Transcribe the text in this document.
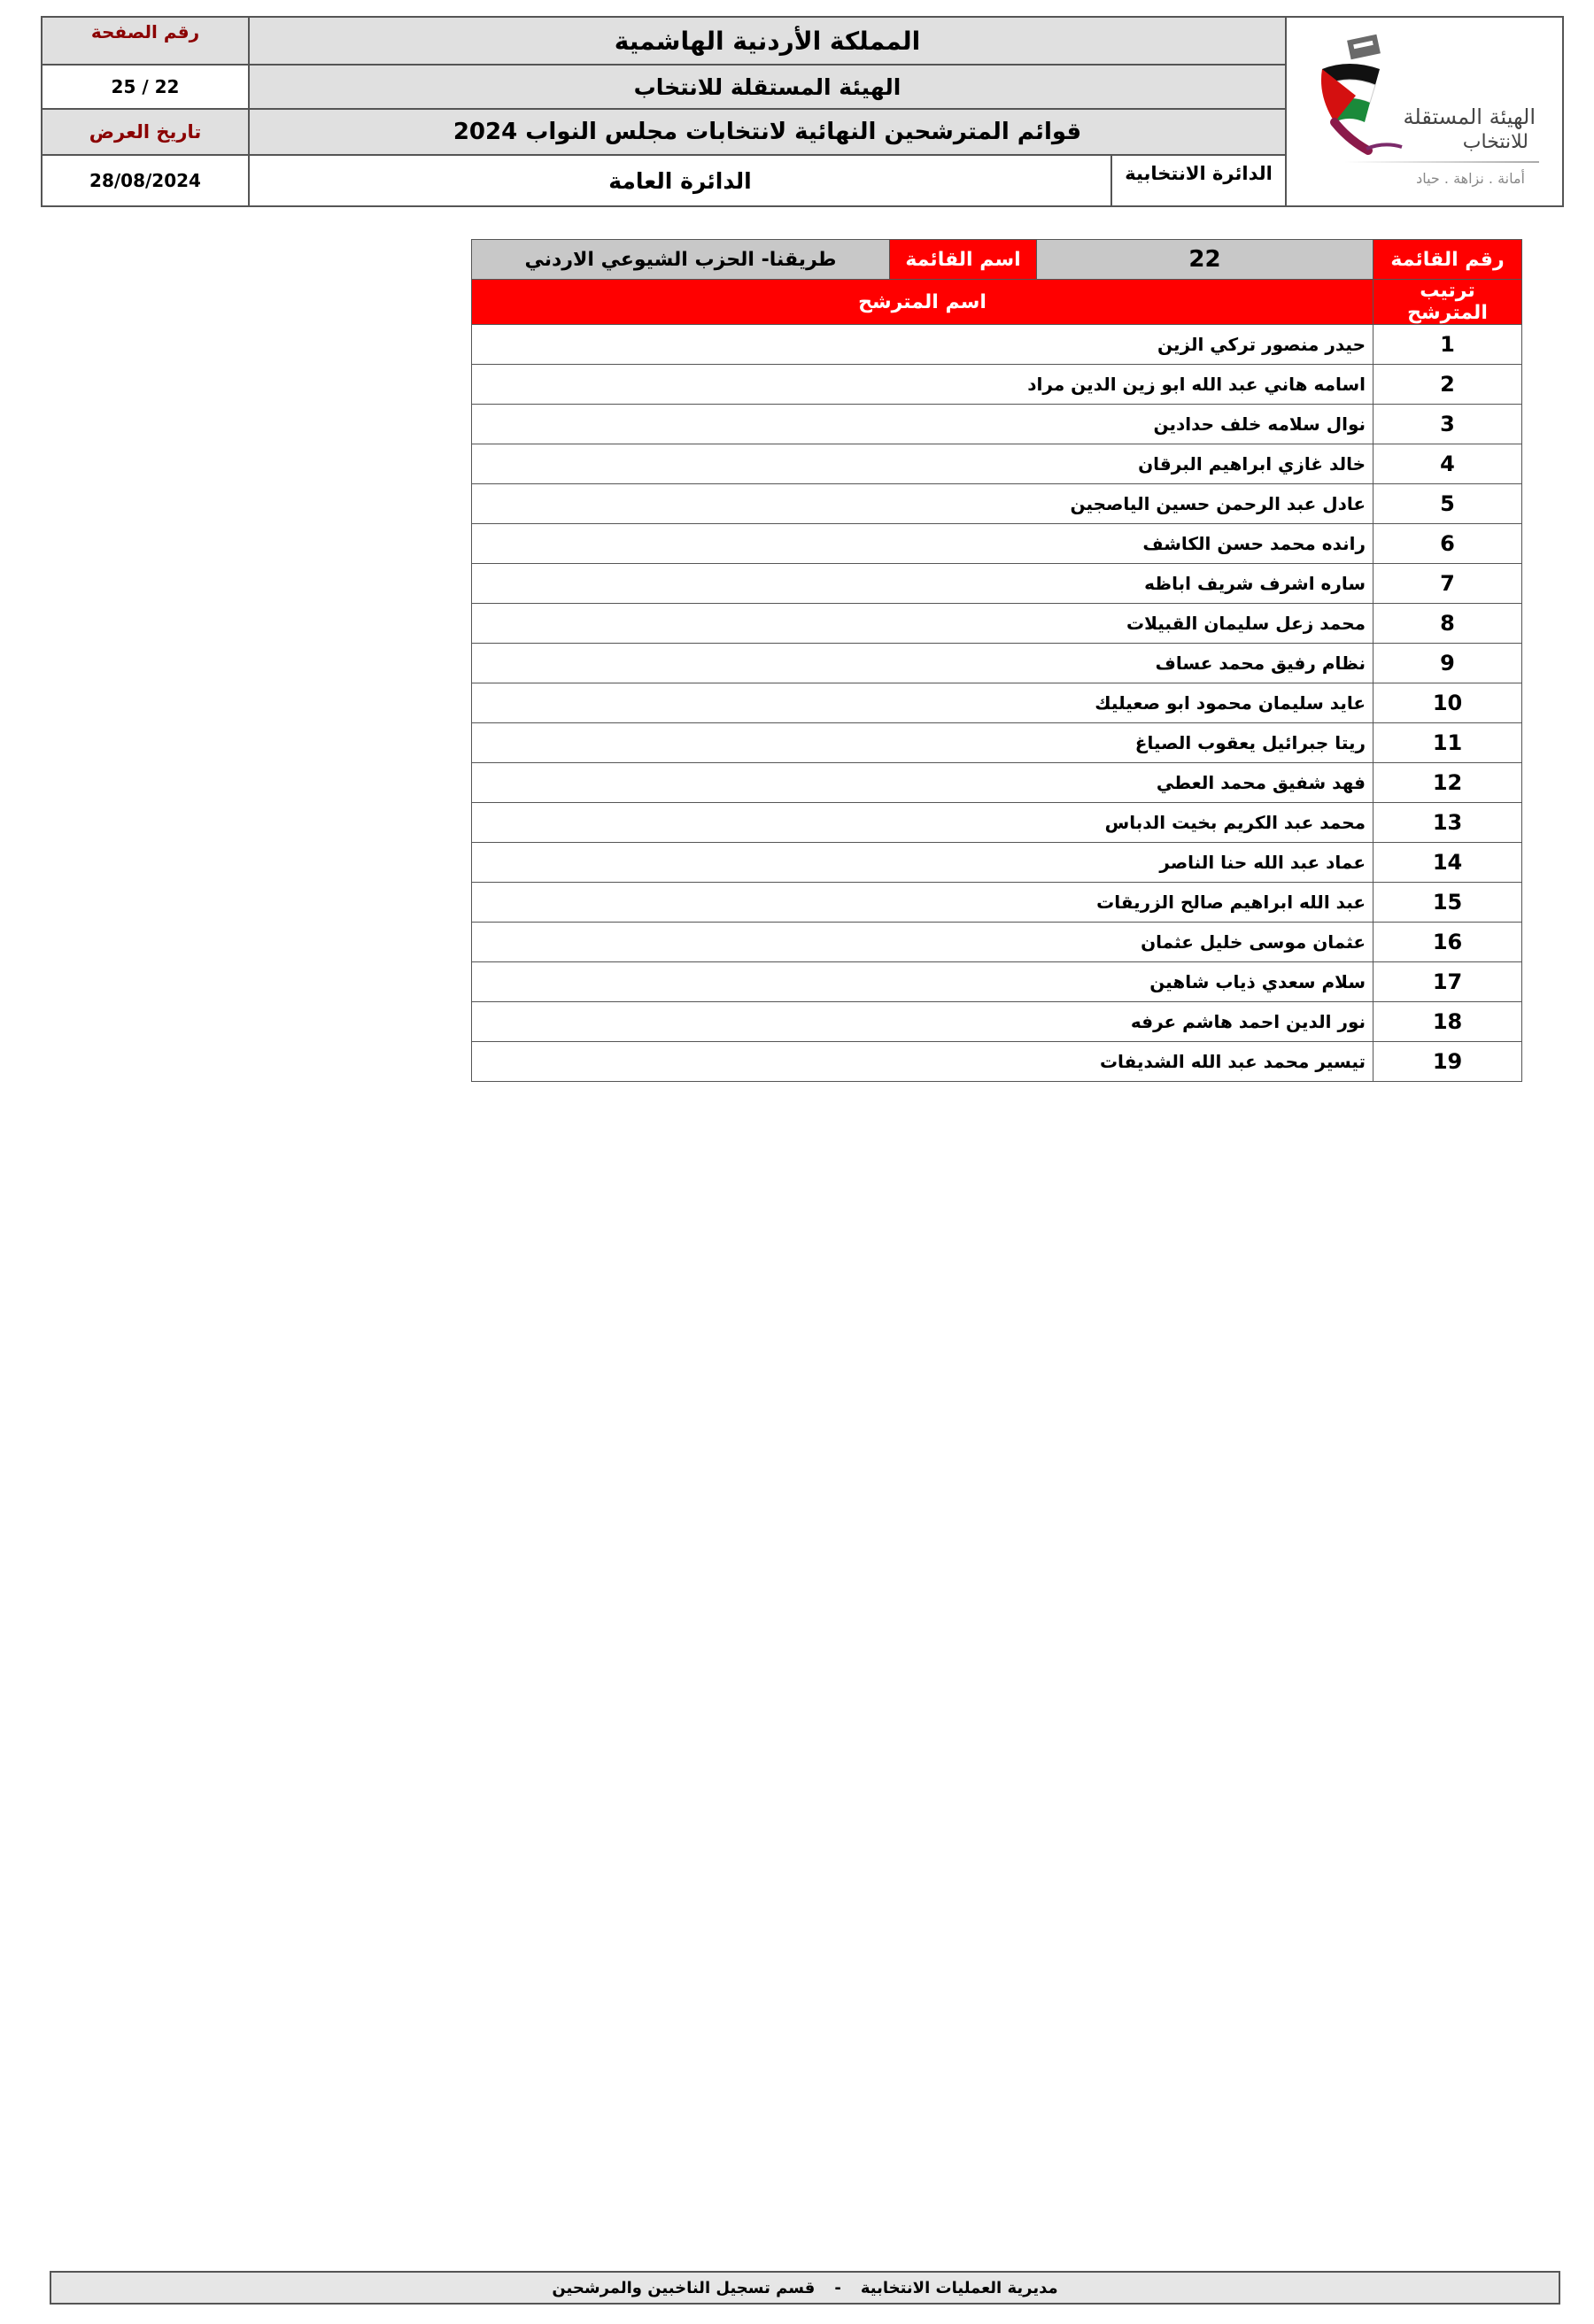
الهيئة المستقلة
للانتخاب
أمانة . نزاهة . حياد
المملكة الأردنية الهاشمية
الهيئة المستقلة للانتخاب
قوائم المترشحين النهائية لانتخابات مجلس النواب 2024
الدائرة العامة	الدائرة الانتخابية
رقم الصفحة
25 / 22
تاريخ العرض
28/08/2024
طريقنا- الحزب الشيوعي الاردني	اسم القائمة	22	رقم القائمة
اسم المترشح			ترتيب المترشح
حيدر منصور تركي الزين			1
اسامه هاني عبد الله ابو زين الدين مراد			2
نوال سلامه خلف حدادين			3
خالد غازي ابراهيم البرقان			4
عادل عبد الرحمن حسين الياصجين			5
رانده محمد حسن الكاشف			6
ساره اشرف شريف اباظه			7
محمد زعل سليمان القبيلات			8
نظام رفيق محمد عساف			9
عايد سليمان محمود ابو صعيليك			10
ريتا جبرائيل يعقوب الصياغ			11
فهد شفيق محمد العطي			12
محمد عبد الكريم بخيت الدباس			13
عماد عبد الله حنا الناصر			14
عبد الله ابراهيم صالح الزريقات			15
عثمان موسى خليل عثمان			16
سلام سعدي ذياب شاهين			17
نور الدين احمد هاشم عرفه			18
تيسير محمد عبد الله الشديفات			19
مديرية العمليات الانتخابية
-
قسم تسجيل الناخبين والمرشحين
